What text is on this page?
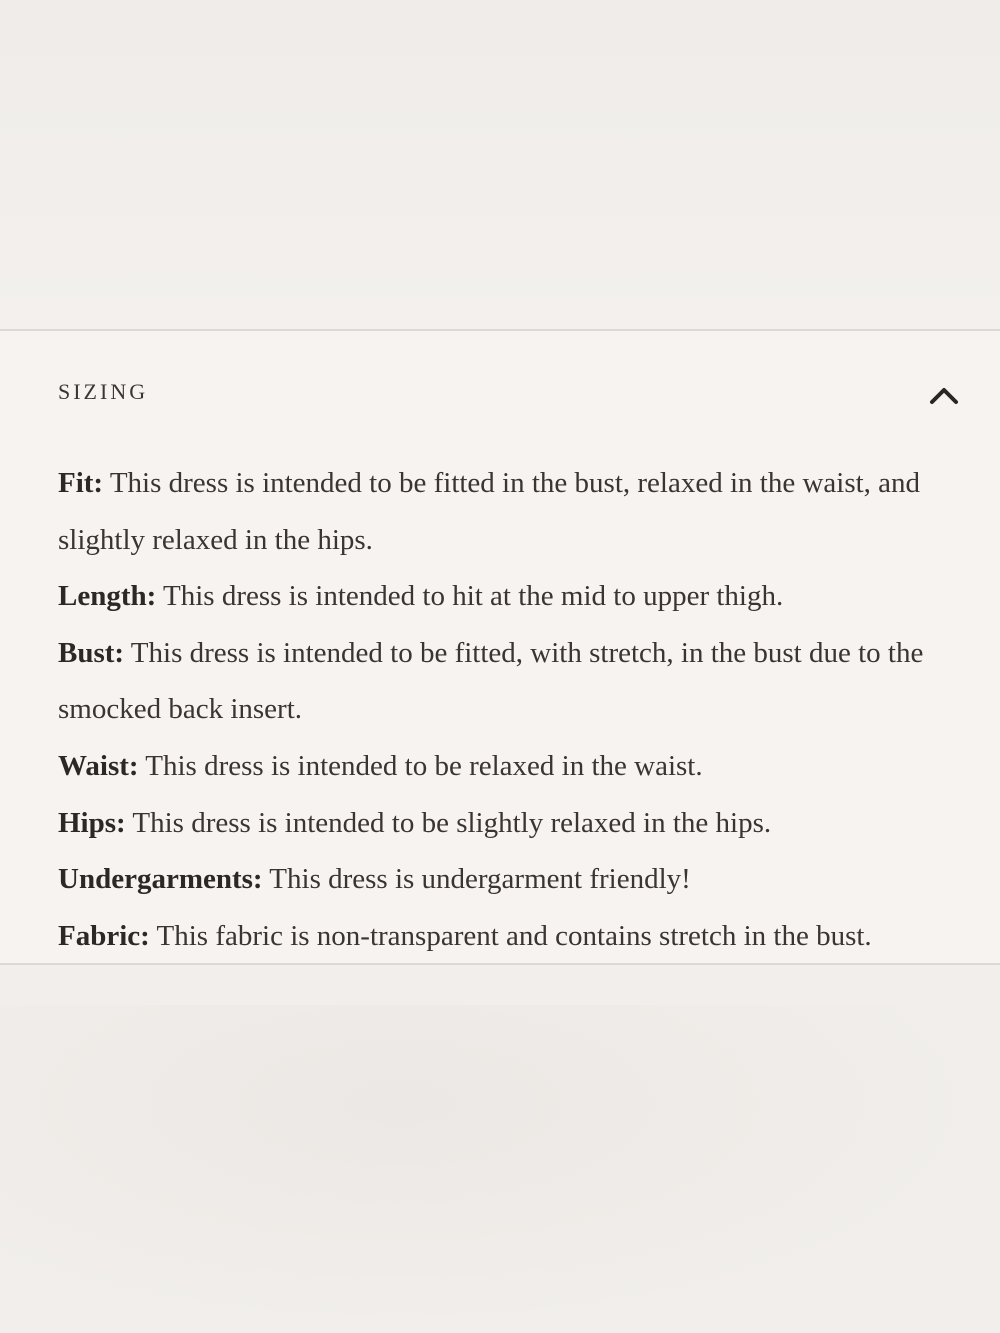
SIZING

Fit: This dress is intended to be fitted in the bust, relaxed in the waist, and slightly relaxed in the hips.

Length: This dress is intended to hit at the mid to upper thigh.

Bust: This dress is intended to be fitted, with stretch, in the bust due to the smocked back insert.

Waist: This dress is intended to be relaxed in the waist.

Hips: This dress is intended to be slightly relaxed in the hips.

Undergarments: This dress is undergarment friendly!

Fabric: This fabric is non-transparent and contains stretch in the bust.
